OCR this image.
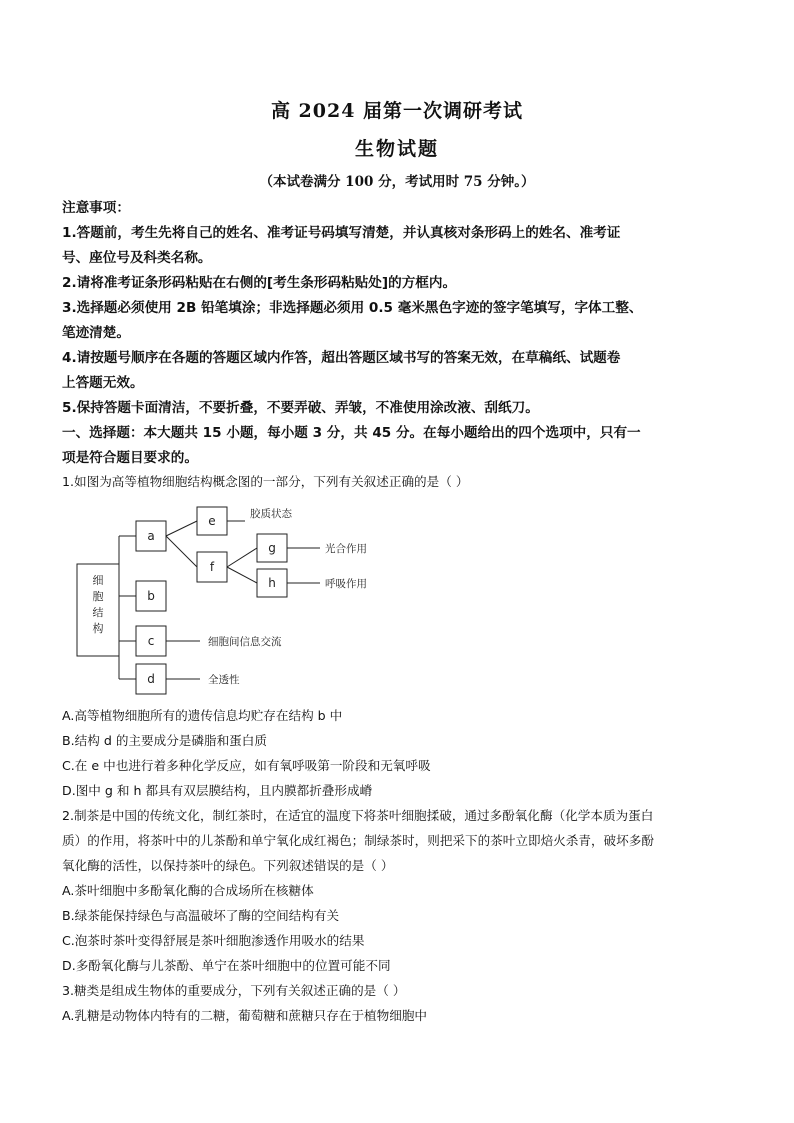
高 2024 届第一次调研考试
生物试题
（本试卷满分 100 分，考试用时 75 分钟。）
注意事项：
1.答题前，考生先将自己的姓名、准考证号码填写清楚，并认真核对条形码上的姓名、准考证
号、座位号及科类名称。
2.请将准考证条形码粘贴在右侧的[考生条形码粘贴处]的方框内。
3.选择题必须使用 2B 铅笔填涂；非选择题必须用 0.5 毫米黑色字迹的签字笔填写，字体工整、
笔迹清楚。
4.请按题号顺序在各题的答题区域内作答，超出答题区域书写的答案无效，在草稿纸、试题卷
上答题无效。
5.保持答题卡面清洁，不要折叠，不要弄破、弄皱，不准使用涂改液、刮纸刀。
一、选择题：本大题共 15 小题，每小题 3 分，共 45 分。在每小题给出的四个选项中，只有一
项是符合题目要求的。
1.如图为高等植物细胞结构概念图的一部分，下列有关叙述正确的是（ ）
细
胞
结
构
a
b
c
d
e
f
g
h
胶质状态
光合作用
呼吸作用
细胞间信息交流
全透性
A.高等植物细胞所有的遗传信息均贮存在结构 b 中
B.结构 d 的主要成分是磷脂和蛋白质
C.在 e 中也进行着多种化学反应，如有氧呼吸第一阶段和无氧呼吸
D.图中 g 和 h 都具有双层膜结构，且内膜都折叠形成嵴
2.制茶是中国的传统文化，制红茶时，在适宜的温度下将茶叶细胞揉破，通过多酚氧化酶（化学本质为蛋白
质）的作用，将茶叶中的儿茶酚和单宁氧化成红褐色；制绿茶时，则把采下的茶叶立即焙火杀青，破坏多酚
氧化酶的活性，以保持茶叶的绿色。下列叙述错误的是（ ）
A.茶叶细胞中多酚氧化酶的合成场所在核糖体
B.绿茶能保持绿色与高温破坏了酶的空间结构有关
C.泡茶时茶叶变得舒展是茶叶细胞渗透作用吸水的结果
D.多酚氧化酶与儿茶酚、单宁在茶叶细胞中的位置可能不同
3.糖类是组成生物体的重要成分，下列有关叙述正确的是（ ）
A.乳糖是动物体内特有的二糖，葡萄糖和蔗糖只存在于植物细胞中
